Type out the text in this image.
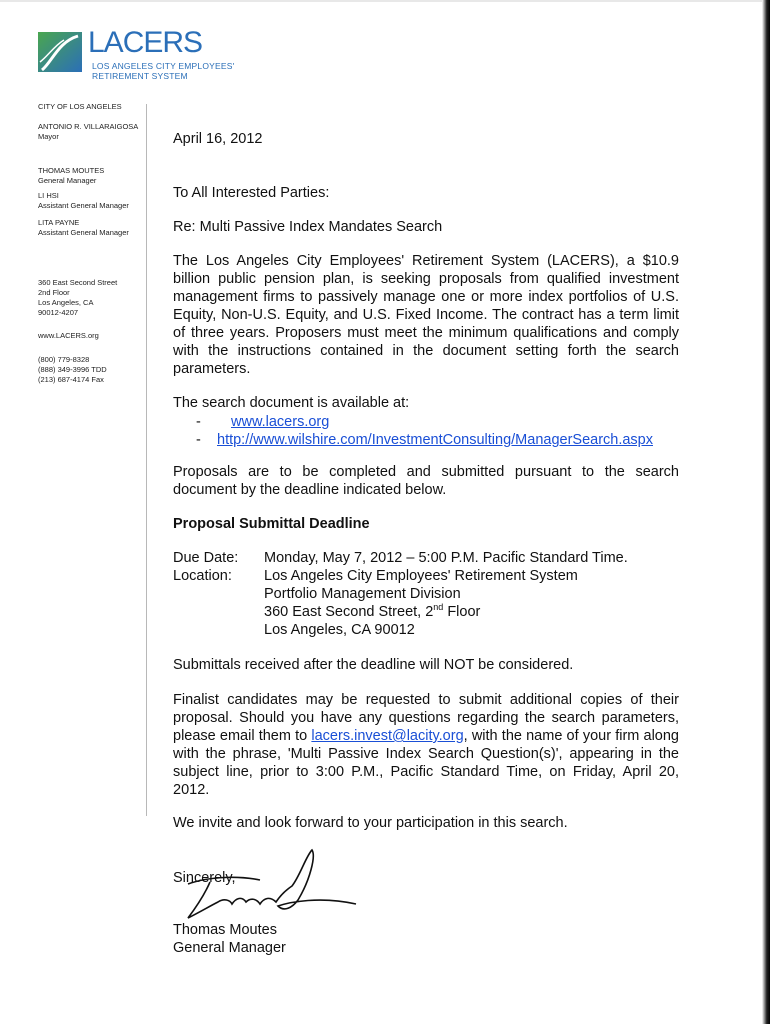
LACERS
LOS ANGELES CITY EMPLOYEES'
RETIREMENT SYSTEM
CITY OF LOS ANGELES
ANTONIO R. VILLARAIGOSA
Mayor
THOMAS MOUTES
General Manager
LI HSI
Assistant General Manager
LITA PAYNE
Assistant General Manager
360 East Second Street
2nd Floor
Los Angeles, CA
90012-4207
www.LACERS.org
(800) 779-8328
(888) 349-3996 TDD
(213) 687-4174 Fax
April 16, 2012
To All Interested Parties:
Re: Multi Passive Index Mandates Search
The Los Angeles City Employees' Retirement System (LACERS), a $10.9 billion public pension plan, is seeking proposals from qualified investment management firms to passively manage one or more index portfolios of U.S. Equity, Non-U.S. Equity, and U.S. Fixed Income. The contract has a term limit of three years. Proposers must meet the minimum qualifications and comply with the instructions contained in the document setting forth the search parameters.
The search document is available at:
- www.lacers.org
- http://www.wilshire.com/InvestmentConsulting/ManagerSearch.aspx
Proposals are to be completed and submitted pursuant to the search document by the deadline indicated below.
Proposal Submittal Deadline
Due Date: Monday, May 7, 2012 – 5:00 P.M. Pacific Standard Time.
Location: Los Angeles City Employees' Retirement System
Portfolio Management Division
360 East Second Street, 2nd Floor
Los Angeles, CA 90012
Submittals received after the deadline will NOT be considered.
Finalist candidates may be requested to submit additional copies of their proposal. Should you have any questions regarding the search parameters, please email them to lacers.invest@lacity.org, with the name of your firm along with the phrase, 'Multi Passive Index Search Question(s)', appearing in the subject line, prior to 3:00 P.M., Pacific Standard Time, on Friday, April 20, 2012.
We invite and look forward to your participation in this search.
Sincerely,
Thomas Moutes
General Manager
